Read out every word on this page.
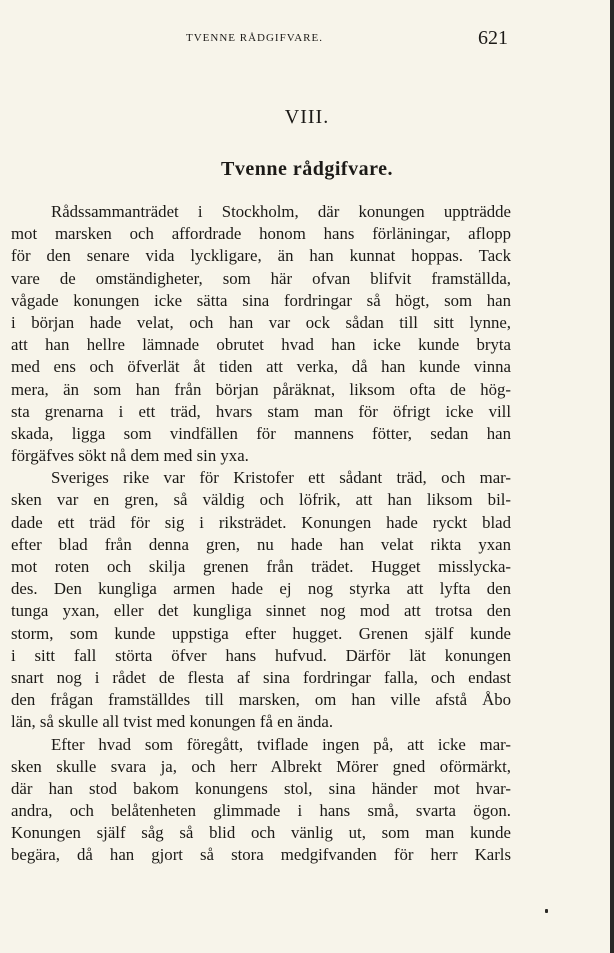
TVENNE RÅDGIFVARE.	621
VIII.
Tvenne rådgifvare.
Rådssammanträdet i Stockholm, där konungen uppträdde
mot marsken och affordrade honom hans förläningar, aflopp
för den senare vida lyckligare, än han kunnat hoppas. Tack
vare de omständigheter, som här ofvan blifvit framställda,
vågade konungen icke sätta sina fordringar så högt, som han
i början hade velat, och han var ock sådan till sitt lynne,
att han hellre lämnade obrutet hvad han icke kunde bryta
med ens och öfverlät åt tiden att verka, då han kunde vinna
mera, än som han från början påräknat, liksom ofta de hög-
sta grenarna i ett träd, hvars stam man för öfrigt icke vill
skada, ligga som vindfällen för mannens fötter, sedan han
förgäfves sökt nå dem med sin yxa.
Sveriges rike var för Kristofer ett sådant träd, och mar-
sken var en gren, så väldig och löfrik, att han liksom bil-
dade ett träd för sig i riksträdet. Konungen hade ryckt blad
efter blad från denna gren, nu hade han velat rikta yxan
mot roten och skilja grenen från trädet. Hugget misslycka-
des. Den kungliga armen hade ej nog styrka att lyfta den
tunga yxan, eller det kungliga sinnet nog mod att trotsa den
storm, som kunde uppstiga efter hugget. Grenen själf kunde
i sitt fall störta öfver hans hufvud. Därför lät konungen
snart nog i rådet de flesta af sina fordringar falla, och endast
den frågan framställdes till marsken, om han ville afstå Åbo
län, så skulle all tvist med konungen få en ända.
Efter hvad som föregått, tviflade ingen på, att icke mar-
sken skulle svara ja, och herr Albrekt Mörer gned oförmärkt,
där han stod bakom konungens stol, sina händer mot hvar-
andra, och belåtenheten glimmade i hans små, svarta ögon.
Konungen själf såg så blid och vänlig ut, som man kunde
begära, då han gjort så stora medgifvanden för herr Karls
